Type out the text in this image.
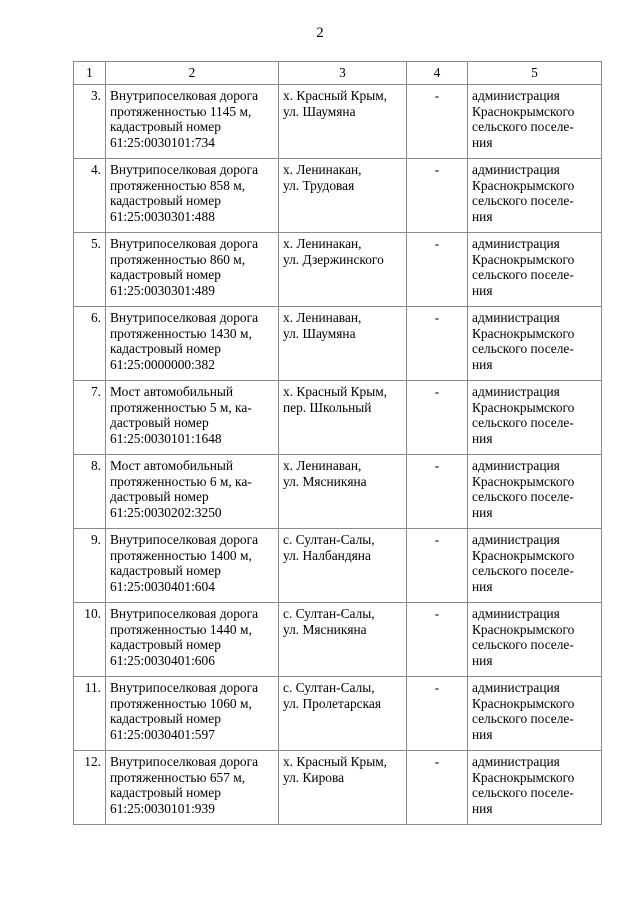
2
1	2	3	4	5
3.	Внутрипоселковая дорога
протяженностью 1145 м,
кадастровый номер
61:25:0030101:734	х. Красный Крым,
ул. Шаумяна	-	администрация
Краснокрымского
сельского поселе-
ния

4.	Внутрипоселковая дорога
протяженностью 858 м,
кадастровый номер
61:25:0030301:488	х. Ленинакан,
ул. Трудовая	-	администрация
Краснокрымского
сельского поселе-
ния

5.	Внутрипоселковая дорога
протяженностью 860 м,
кадастровый номер
61:25:0030301:489	х. Ленинакан,
ул. Дзержинского	-	администрация
Краснокрымского
сельского поселе-
ния

6.	Внутрипоселковая дорога
протяженностью 1430 м,
кадастровый номер
61:25:0000000:382	х. Ленинаван,
ул. Шаумяна	-	администрация
Краснокрымского
сельского поселе-
ния

7.	Мост автомобильный
протяженностью 5 м, ка-
дастровый номер
61:25:0030101:1648	х. Красный Крым,
пер. Школьный	-	администрация
Краснокрымского
сельского поселе-
ния

8.	Мост автомобильный
протяженностью 6 м, ка-
дастровый номер
61:25:0030202:3250	х. Ленинаван,
ул. Мясникяна	-	администрация
Краснокрымского
сельского поселе-
ния

9.	Внутрипоселковая дорога
протяженностью 1400 м,
кадастровый номер
61:25:0030401:604	с. Султан-Салы,
ул. Налбандяна	-	администрация
Краснокрымского
сельского поселе-
ния

10.	Внутрипоселковая дорога
протяженностью 1440 м,
кадастровый номер
61:25:0030401:606	с. Султан-Салы,
ул. Мясникяна	-	администрация
Краснокрымского
сельского поселе-
ния

11.	Внутрипоселковая дорога
протяженностью 1060 м,
кадастровый номер
61:25:0030401:597	с. Султан-Салы,
ул. Пролетарская	-	администрация
Краснокрымского
сельского поселе-
ния

12.	Внутрипоселковая дорога
протяженностью 657 м,
кадастровый номер
61:25:0030101:939	х. Красный Крым,
ул. Кирова	-	администрация
Краснокрымского
сельского поселе-
ния
